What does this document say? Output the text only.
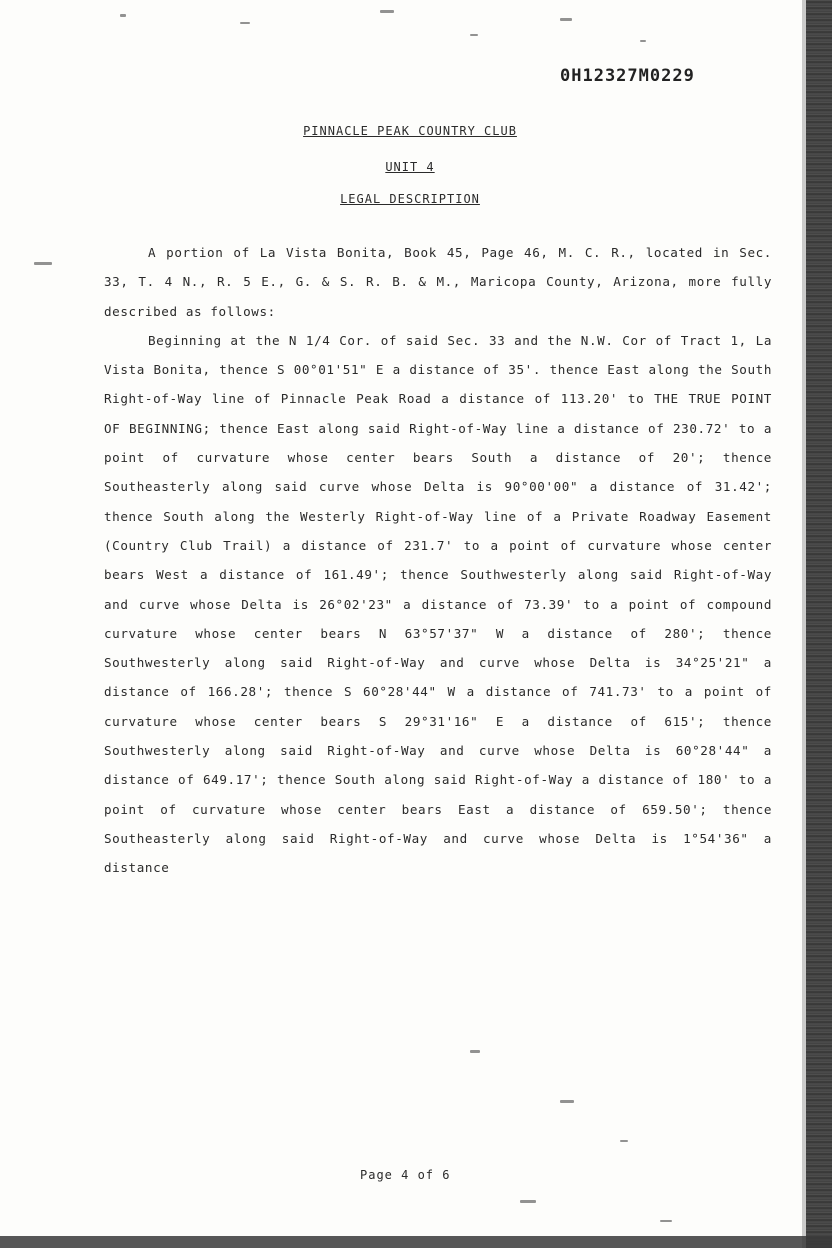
0H12327M0229
PINNACLE PEAK COUNTRY CLUB
UNIT 4
LEGAL DESCRIPTION

A portion of La Vista Bonita, Book 45, Page 46, M. C. R., located in Sec. 33, T. 4 N., R. 5 E., G. & S. R. B. & M., Maricopa County, Arizona, more fully described as follows:

Beginning at the N 1/4 Cor. of said Sec. 33 and the N.W. Cor of Tract 1, La Vista Bonita, thence S 00°01'51" E a distance of 35'. thence East along the South Right-of-Way line of Pinnacle Peak Road a distance of 113.20' to THE TRUE POINT OF BEGINNING; thence East along said Right-of-Way line a distance of 230.72' to a point of curvature whose center bears South a distance of 20'; thence Southeasterly along said curve whose Delta is 90°00'00" a distance of 31.42'; thence South along the Westerly Right-of-Way line of a Private Roadway Easement (Country Club Trail) a distance of 231.7' to a point of curvature whose center bears West a distance of 161.49'; thence Southwesterly along said Right-of-Way and curve whose Delta is 26°02'23" a distance of 73.39' to a point of compound curvature whose center bears N 63°57'37" W a distance of 280'; thence Southwesterly along said Right-of-Way and curve whose Delta is 34°25'21" a distance of 166.28'; thence S 60°28'44" W a distance of 741.73' to a point of curvature whose center bears S 29°31'16" E a distance of 615'; thence Southwesterly along said Right-of-Way and curve whose Delta is 60°28'44" a distance of 649.17'; thence South along said Right-of-Way a distance of 180' to a point of curvature whose center bears East a distance of 659.50'; thence Southeasterly along said Right-of-Way and curve whose Delta is 1°54'36" a distance

Page 4 of 6
